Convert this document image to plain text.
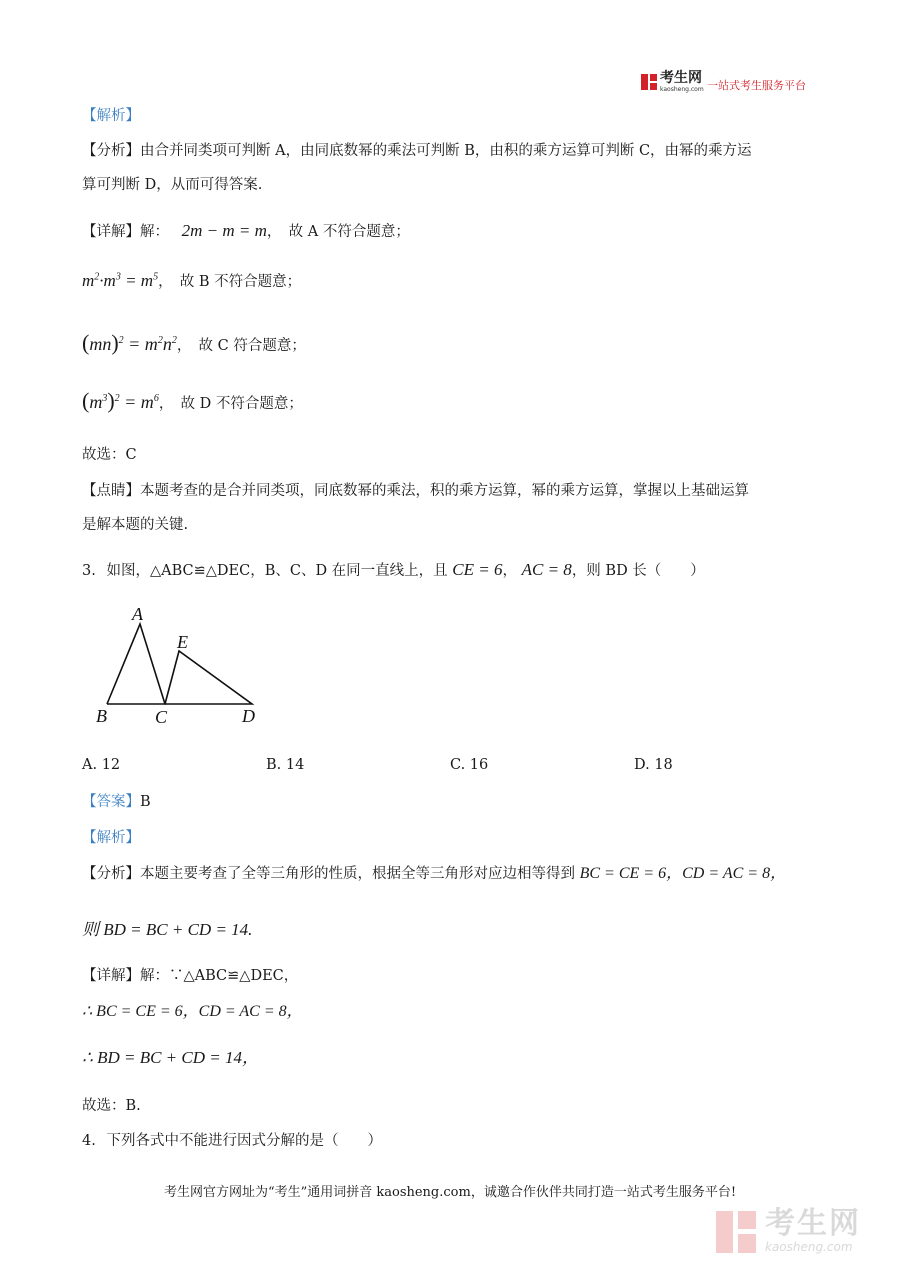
考生网
kaosheng.com 一站式考生服务平台
【解析】
【分析】由合并同类项可判断 A，由同底数幂的乘法可判断 B，由积的乘方运算可判断 C，由幂的乘方运
算可判断 D，从而可得答案.
【详解】解： 2m − m = m，　故 A 不符合题意；
$m^2\cdot m^3 = m^5$，　故 B 不符合题意；
$(mn)^2 = m^2n^2$，　故 C 符合题意；
$(m^3)^2 = m^6$，　故 D 不符合题意；
故选：C
【点睛】本题考查的是合并同类项，同底数幂的乘法，积的乘方运算，幂的乘方运算，掌握以上基础运算
是解本题的关键.
3. 如图，△ABC≌△DEC，B、C、D 在同一直线上，且 CE = 6， AC = 8，则 BD 长（　　）
A
E
B	C	D
A. 12	B. 14	C. 16	D. 18
【答案】B
【解析】
【分析】本题主要考查了全等三角形的性质，根据全等三角形对应边相等得到 BC = CE = 6，CD = AC = 8，
则 BD = BC + CD = 14.
【详解】解：∵△ABC≌△DEC，
∴ BC = CE = 6，CD = AC = 8，
∴ BD = BC + CD = 14，
故选：B.
4. 下列各式中不能进行因式分解的是（　　）
考生网官方网址为“考生”通用词拼音 kaosheng.com，诚邀合作伙伴共同打造一站式考生服务平台!
考生网
kaosheng.com
